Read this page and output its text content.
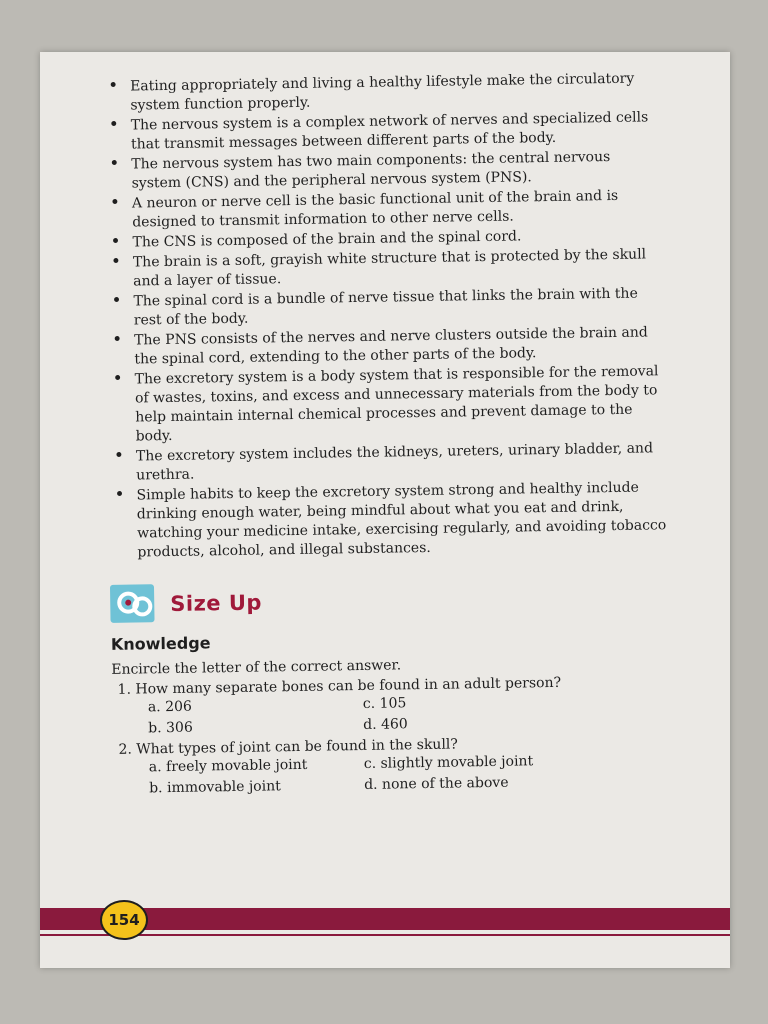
• Eating appropriately and living a healthy lifestyle make the circulatory system function properly.
• The nervous system is a complex network of nerves and specialized cells that transmit messages between different parts of the body.
• The nervous system has two main components: the central nervous system (CNS) and the peripheral nervous system (PNS).
• A neuron or nerve cell is the basic functional unit of the brain and is designed to transmit information to other nerve cells.
• The CNS is composed of the brain and the spinal cord.
• The brain is a soft, grayish white structure that is protected by the skull and a layer of tissue.
• The spinal cord is a bundle of nerve tissue that links the brain with the rest of the body.
• The PNS consists of the nerves and nerve clusters outside the brain and the spinal cord, extending to the other parts of the body.
• The excretory system is a body system that is responsible for the removal of wastes, toxins, and excess and unnecessary materials from the body to help maintain internal chemical processes and prevent damage to the body.
• The excretory system includes the kidneys, ureters, urinary bladder, and urethra.
• Simple habits to keep the excretory system strong and healthy include drinking enough water, being mindful about what you eat and drink, watching your medicine intake, exercising regularly, and avoiding tobacco products, alcohol, and illegal substances.
Size Up
Knowledge
Encircle the letter of the correct answer.
1. How many separate bones can be found in an adult person?
a. 206	c. 105
b. 306	d. 460
2. What types of joint can be found in the skull?
a. freely movable joint	c. slightly movable joint
b. immovable joint	d. none of the above
154
